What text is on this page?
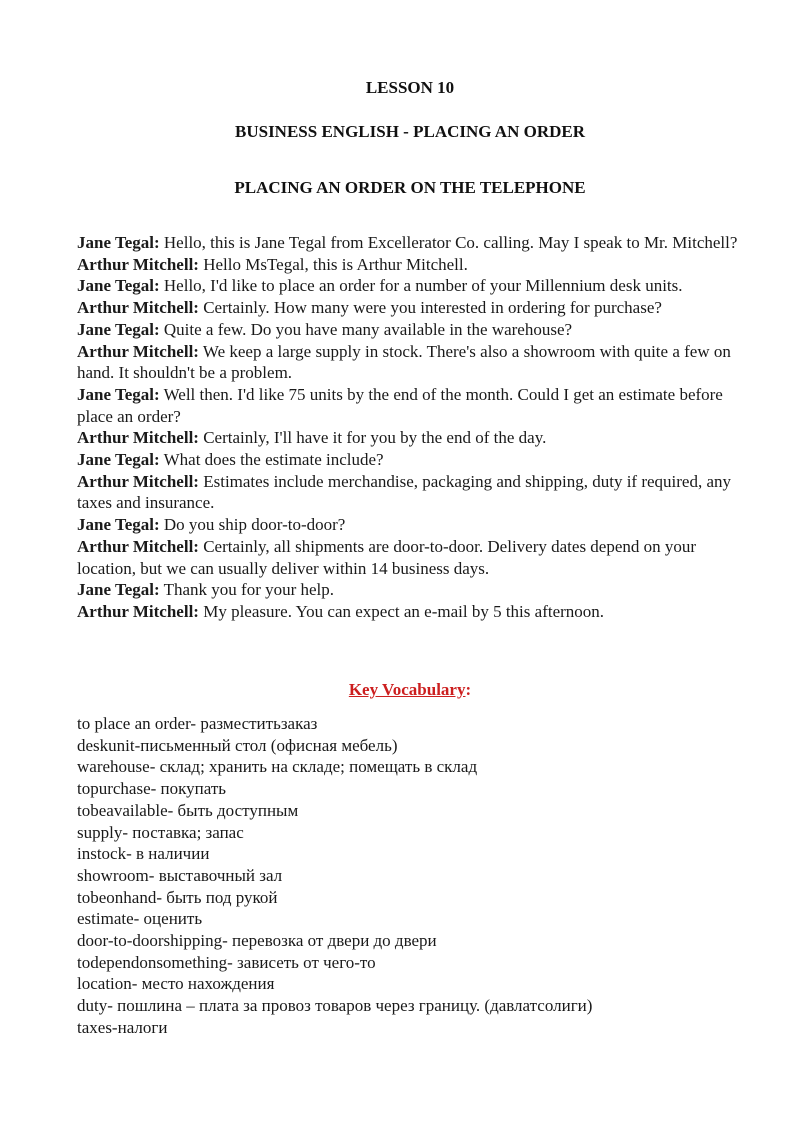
LESSON 10
BUSINESS ENGLISH - PLACING AN ORDER
PLACING AN ORDER ON THE TELEPHONE

Jane Tegal: Hello, this is Jane Tegal from Excellerator Co. calling. May I speak to Mr. Mitchell?

Arthur Mitchell: Hello MsTegal, this is Arthur Mitchell.

Jane Tegal: Hello, I'd like to place an order for a number of your Millennium desk units.

Arthur Mitchell: Certainly. How many were you interested in ordering for purchase?

Jane Tegal: Quite a few. Do you have many available in the warehouse?

Arthur Mitchell: We keep a large supply in stock. There's also a showroom with quite a few on hand. It shouldn't be a problem.

Jane Tegal: Well then. I'd like 75 units by the end of the month. Could I get an estimate before place an order?

Arthur Mitchell: Certainly, I'll have it for you by the end of the day.

Jane Tegal: What does the estimate include?

Arthur Mitchell: Estimates include merchandise, packaging and shipping, duty if required, any taxes and insurance.

Jane Tegal: Do you ship door-to-door?

Arthur Mitchell: Certainly, all shipments are door-to-door. Delivery dates depend on your location, but we can usually deliver within 14 business days.

Jane Tegal: Thank you for your help.

Arthur Mitchell: My pleasure. You can expect an e-mail by 5 this afternoon.

Key Vocabulary:
to place an order- разместитьзаказ
deskunit-письменный стол (офисная мебель)
warehouse- склад; хранить на складе; помещать в склад
topurchase- покупать
tobeavailable- быть доступным
supply- поставка; запас
instock- в наличии
showroom- выставочный зал
tobeonhand- быть под рукой
estimate- оценить
door-to-doorshipping- перевозка от двери до двери
todependonsomething- зависеть от чего-то
location- место нахождения
duty- пошлина – плата за провоз товаров через границу. (давлатсолиги)
taxes-налоги
